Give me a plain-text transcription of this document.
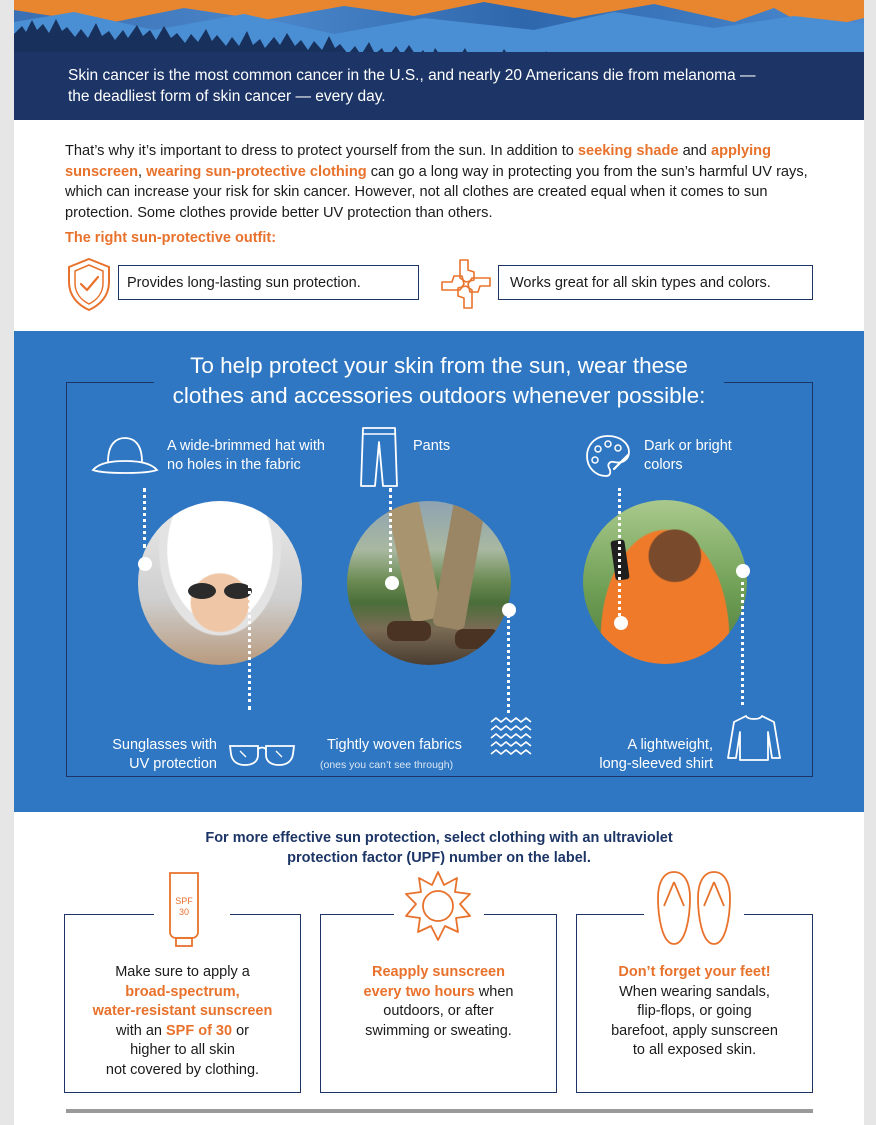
Skin cancer is the most common cancer in the U.S., and nearly 20 Americans die from melanoma — the deadliest form of skin cancer — every day.

That’s why it’s important to dress to protect yourself from the sun. In addition to seeking shade and applying sunscreen, wearing sun-protective clothing can go a long way in protecting you from the sun’s harmful UV rays, which can increase your risk for skin cancer. However, not all clothes are created equal when it comes to sun protection. Some clothes provide better UV protection than others.

The right sun-protective outfit:
Provides long-lasting sun protection.	Works great for all skin types and colors.
To help protect your skin from the sun, wear these clothes and accessories outdoors whenever possible:
A wide-brimmed hat with
no holes in the fabric
Pants	Dark or bright
colors
Sunglasses with
UV protection
Tightly woven fabrics
(ones you can’t see through)
A lightweight,
long-sleeved shirt
For more effective sun protection, select clothing with an ultraviolet
protection factor (UPF) number on the label.
SPF
30
Make sure to apply a
broad-spectrum,
water-resistant sunscreen
with an SPF of 30 or
higher to all skin
not covered by clothing.
Reapply sunscreen
every two hours when
outdoors, or after
swimming or sweating.
Don’t forget your feet!
When wearing sandals,
flip-flops, or going
barefoot, apply sunscreen
to all exposed skin.
